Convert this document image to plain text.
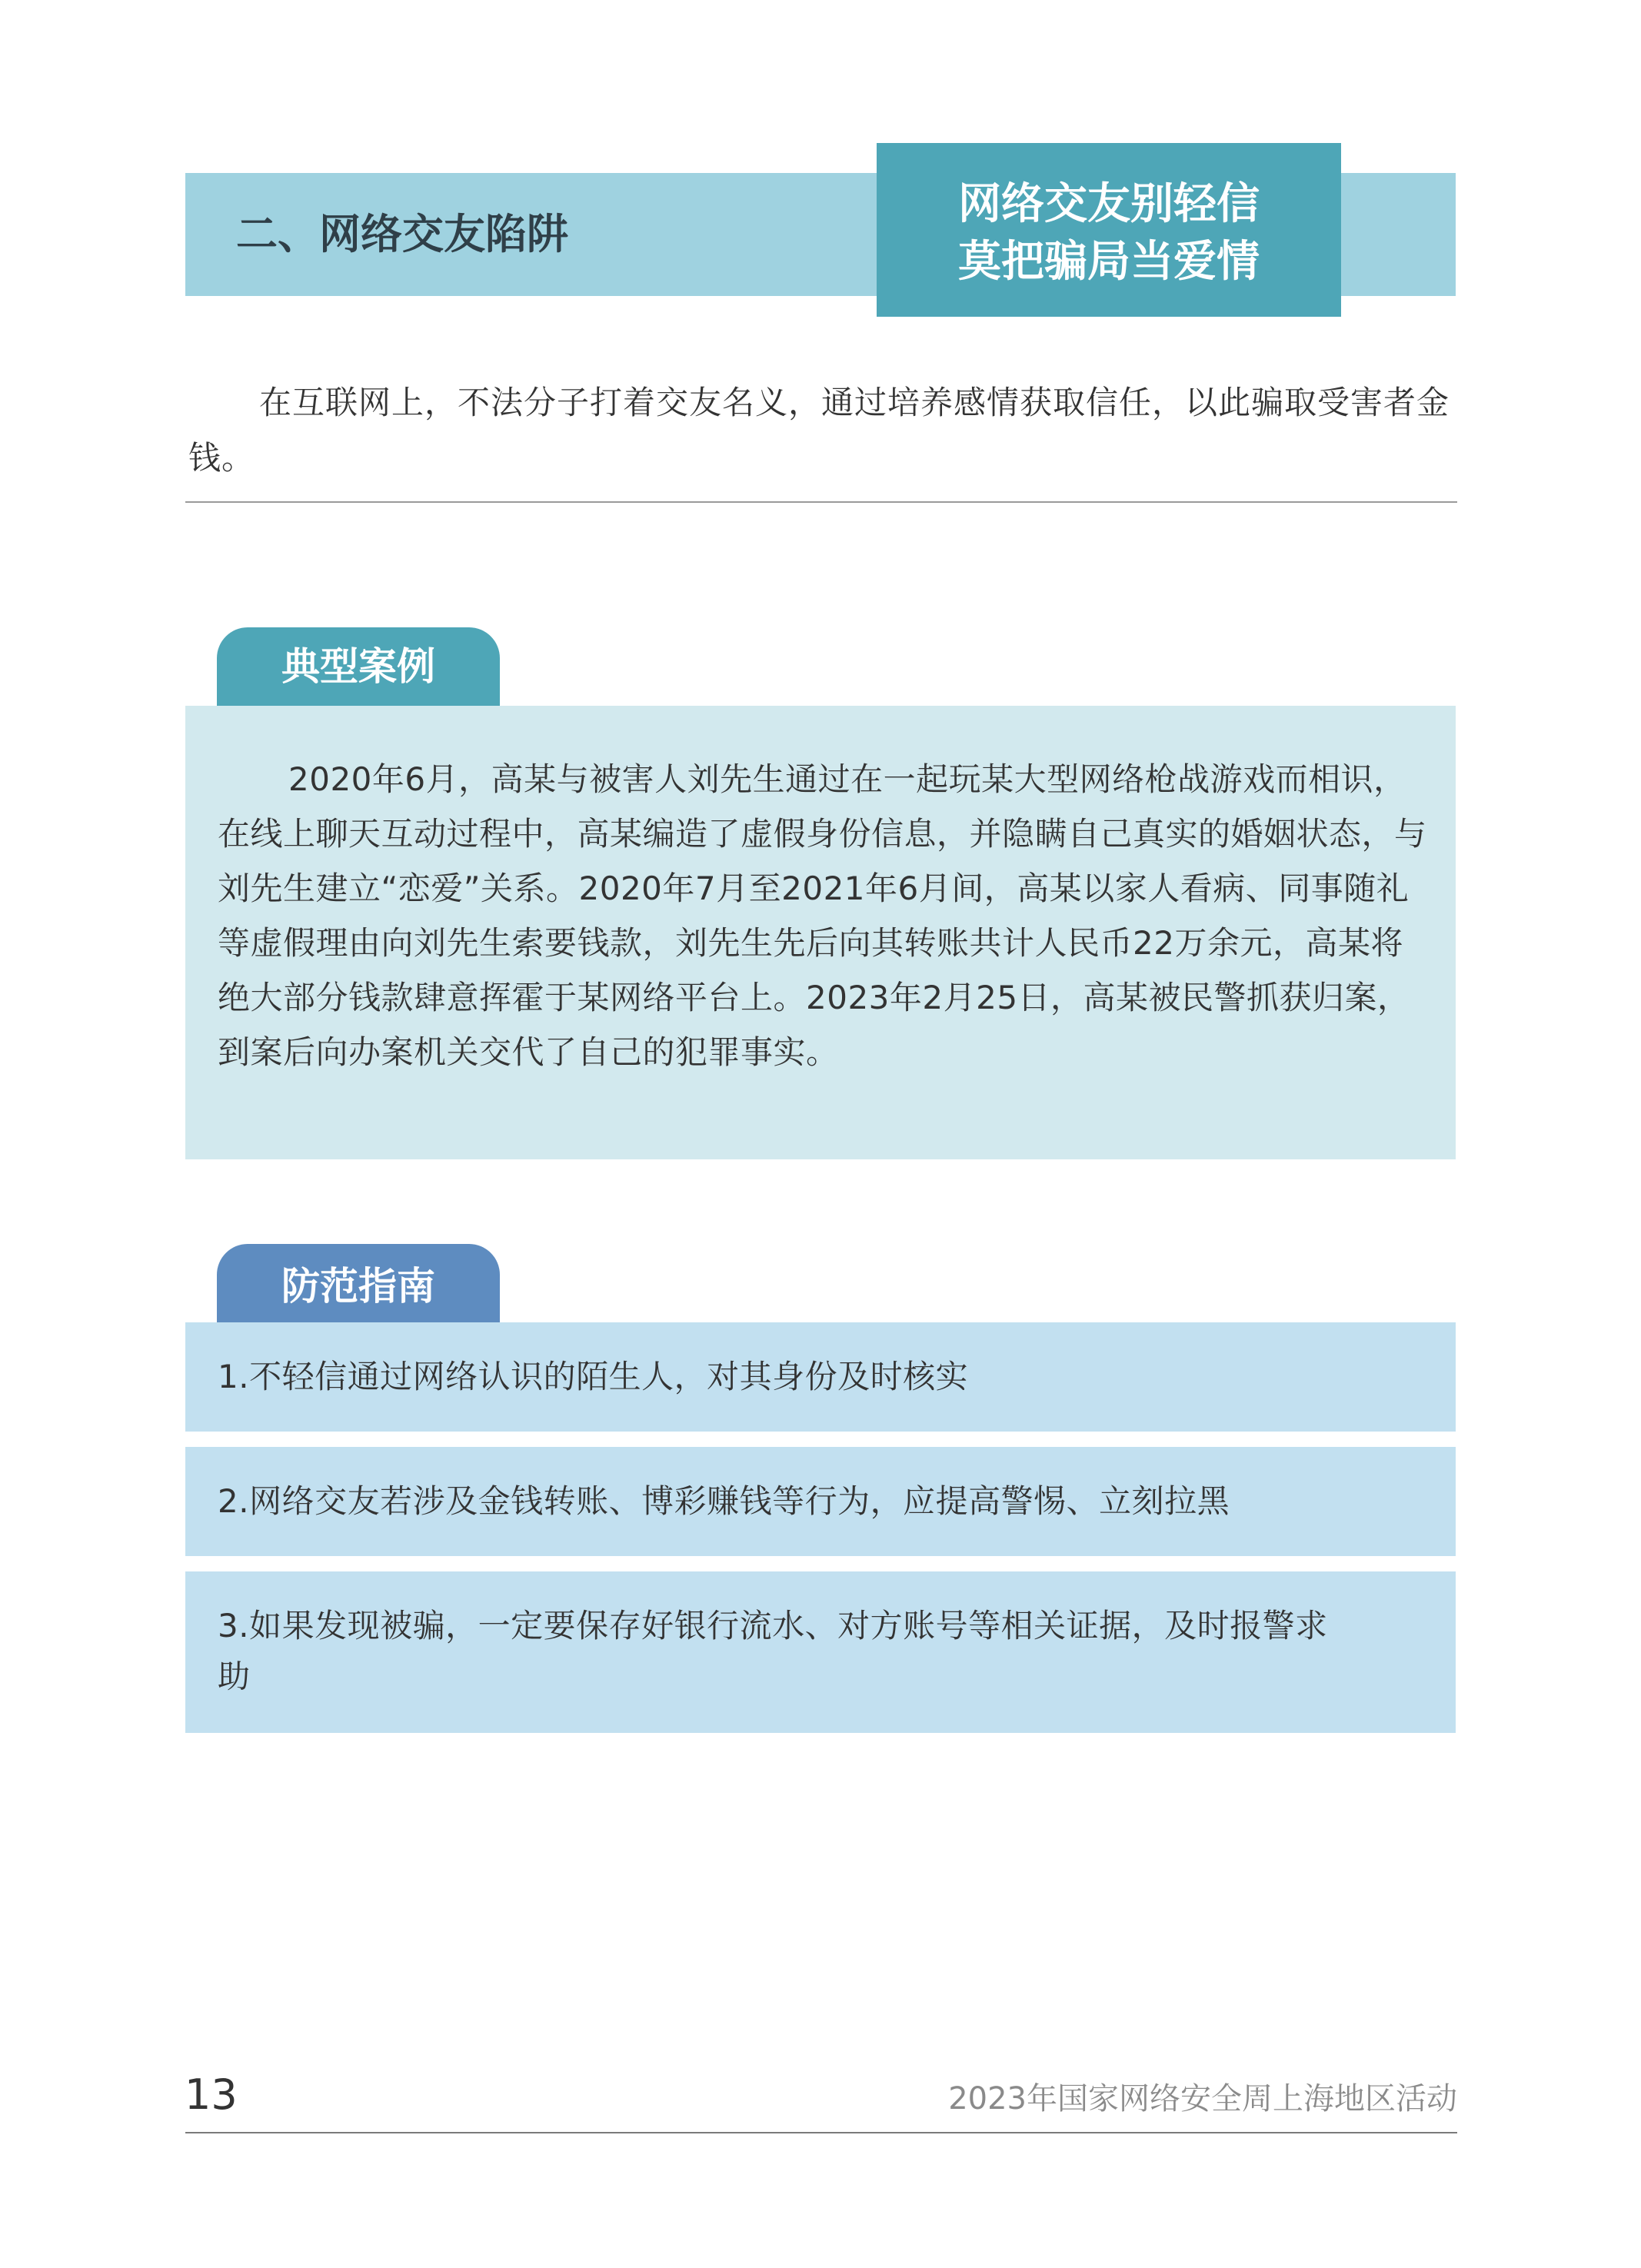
二、网络交友陷阱
网络交友别轻信
莫把骗局当爱情
在互联网上，不法分子打着交友名义，通过培养感情获取信任，以此骗取受害者金钱。
典型案例
2020年6月，高某与被害人刘先生通过在一起玩某大型网络枪战游戏而相识，在线上聊天互动过程中，高某编造了虚假身份信息，并隐瞒自己真实的婚姻状态，与刘先生建立“恋爱”关系。2020年7月至2021年6月间，高某以家人看病、同事随礼等虚假理由向刘先生索要钱款，刘先生先后向其转账共计人民币22万余元，高某将绝大部分钱款肆意挥霍于某网络平台上。2023年2月25日，高某被民警抓获归案，到案后向办案机关交代了自己的犯罪事实。
防范指南
1.不轻信通过网络认识的陌生人，对其身份及时核实
2.网络交友若涉及金钱转账、博彩赚钱等行为，应提高警惕、立刻拉黑
3.如果发现被骗，一定要保存好银行流水、对方账号等相关证据，及时报警求助
13	2023年国家网络安全周上海地区活动
